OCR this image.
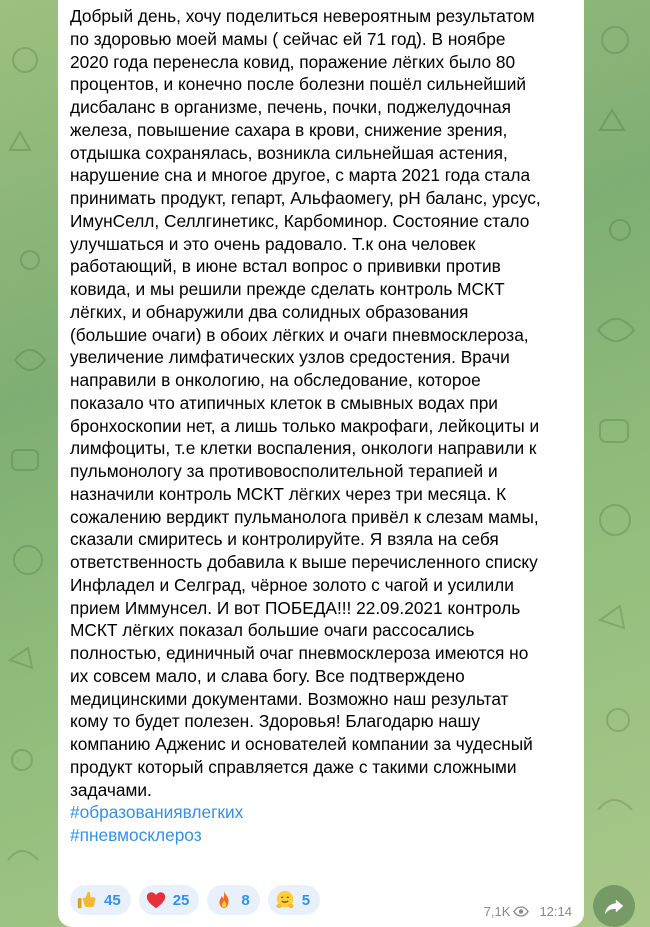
Добрый день, хочу поделиться невероятным результатом
по здоровью моей мамы ( сейчас ей 71 год). В ноябре
2020 года перенесла ковид, поражение лёгких было 80
процентов, и конечно после болезни пошёл сильнейший
дисбаланс в организме, печень, почки, поджелудочная
железа, повышение сахара в крови, снижение зрения,
отдышка сохранялась, возникла сильнейшая астения,
нарушение сна и многое другое, с марта 2021 года стала
принимать продукт, гепарт, Альфаомегу, pH баланс, урсус,
ИмунСелл, Селлгинетикс, Карбоминор. Состояние стало
улучшаться и это очень радовало. Т.к она человек
работающий, в июне встал вопрос о прививки против
ковида, и мы решили прежде сделать контроль МСКТ
лёгких, и обнаружили два солидных образования
(большие очаги) в обоих лёгких и очаги пневмосклероза,
увеличение лимфатических узлов средостения. Врачи
направили в онкологию, на обследование, которое
показало что атипичных клеток в смывных водах при
бронхоскопии нет, а лишь только макрофаги, лейкоциты и
лимфоциты, т.е клетки воспаления, онкологи направили к
пульмонологу за противовосполительной терапией и
назначили контроль МСКТ лёгких через три месяца. К
сожалению вердикт пульманолога привёл к слезам мамы,
сказали смиритесь и контролируйте. Я взяла на себя
ответственность добавила к выше перечисленного списку
Инфладел и Селград, чёрное золото с чагой и усилили
прием Иммунсел. И вот ПОБЕДА!!! 22.09.2021 контроль
МСКТ лёгких показал большие очаги рассосались
полностью, единичный очаг пневмосклероза имеются но
их совсем мало, и слава богу. Все подтверждено
медицинскими документами. Возможно наш результат
кому то будет полезен. Здоровья! Благодарю нашу
компанию Адженис и основателей компании за чудесный
продукт который справляется даже с такими сложными
задачами.
#образованиявлегких
#пневмосклероз
45	25	8	5
7,1K 12:14
